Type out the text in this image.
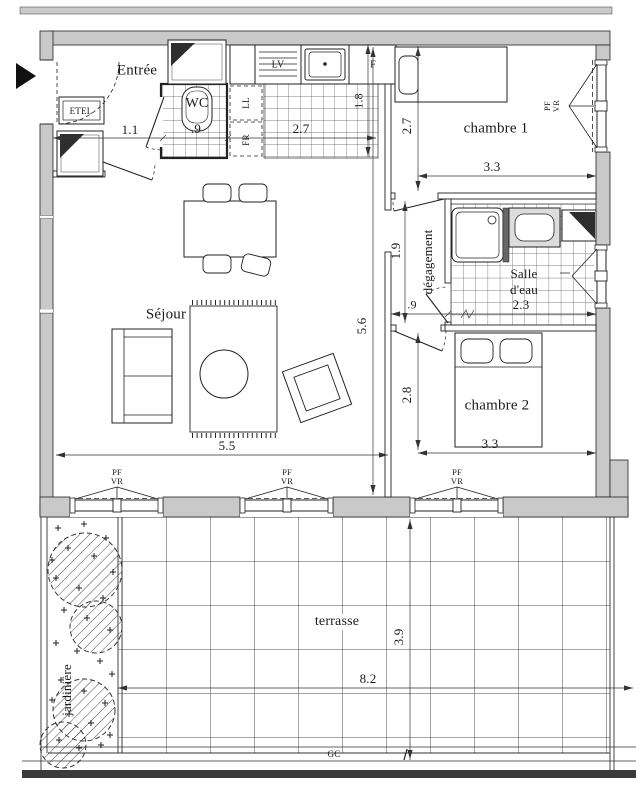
Entrée
WC
Séjour
chambre 1
chambre 2
dégagement	Salle
d'eau
terrasse
jardinière
ETEL
LL
FR
LV	F
GC
1.1	.9	2.7
1.8
2.7
3.3
5.6
5.5
1.9
.9	2.3
2.8
3.3
3.9
8.2
PF VR
PF
VR
PF
VR
PF
VR
